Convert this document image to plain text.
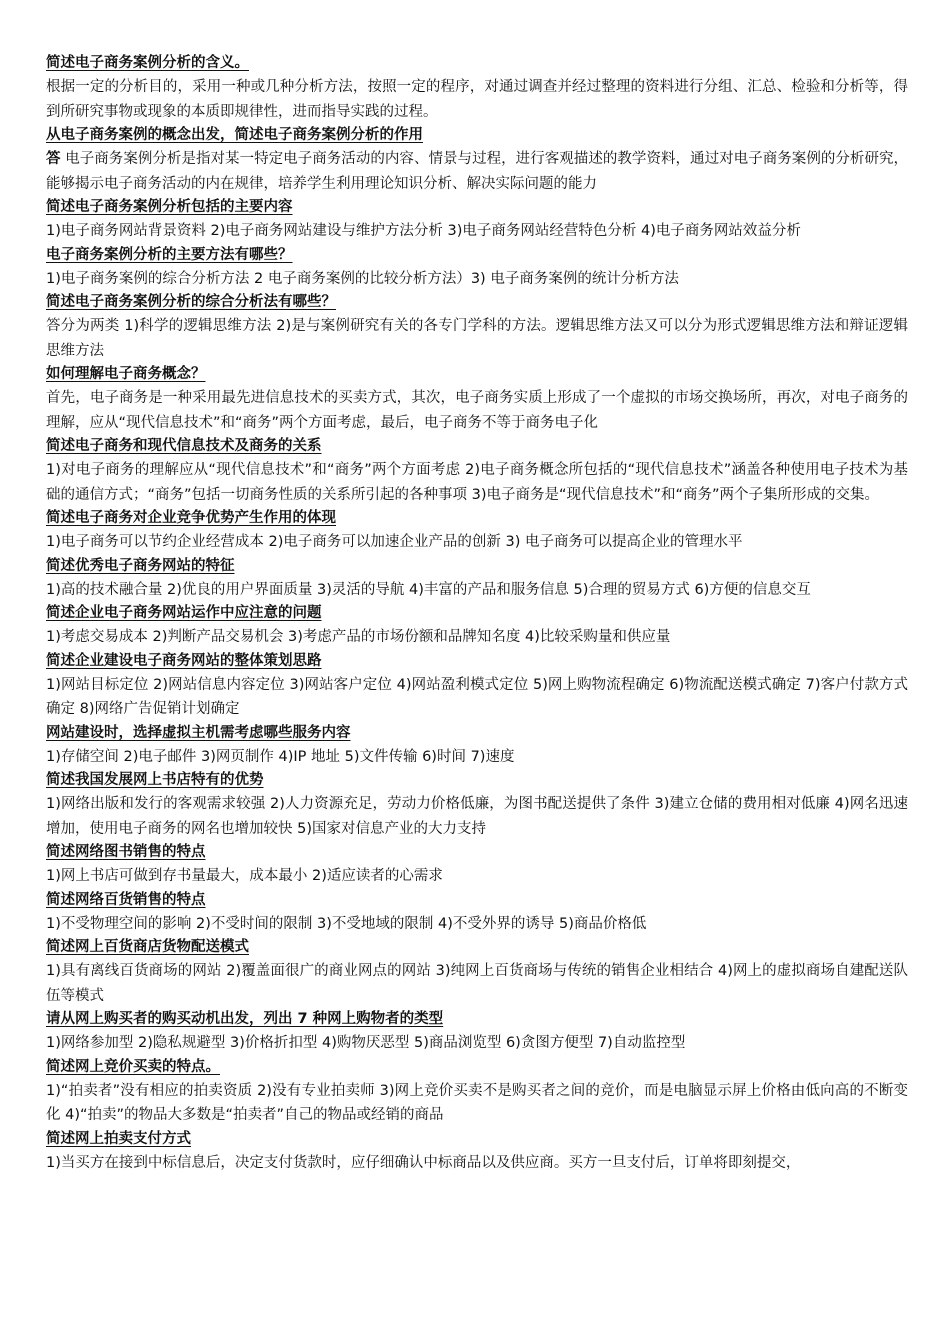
简述电子商务案例分析的含义。

根据一定的分析目的，采用一种或几种分析方法，按照一定的程序，对通过调查并经过整理的资料进行分组、汇总、检验和分析等，得到所研究事物或现象的本质即规律性，进而指导实践的过程。

从电子商务案例的概念出发，简述电子商务案例分析的作用

答 电子商务案例分析是指对某一特定电子商务活动的内容、情景与过程，进行客观描述的教学资料，通过对电子商务案例的分析研究，能够揭示电子商务活动的内在规律，培养学生利用理论知识分析、解决实际问题的能力

简述电子商务案例分析包括的主要内容

1)电子商务网站背景资料 2)电子商务网站建设与维护方法分析 3)电子商务网站经营特色分析 4)电子商务网站效益分析

电子商务案例分析的主要方法有哪些？

1)电子商务案例的综合分析方法 2 电子商务案例的比较分析方法）3) 电子商务案例的统计分析方法

简述电子商务案例分析的综合分析法有哪些？

答分为两类 1)科学的逻辑思维方法 2)是与案例研究有关的各专门学科的方法。逻辑思维方法又可以分为形式逻辑思维方法和辩证逻辑思维方法

如何理解电子商务概念？

首先，电子商务是一种采用最先进信息技术的买卖方式，其次，电子商务实质上形成了一个虚拟的市场交换场所，再次，对电子商务的理解，应从“现代信息技术”和“商务”两个方面考虑，最后，电子商务不等于商务电子化

简述电子商务和现代信息技术及商务的关系

1)对电子商务的理解应从“现代信息技术”和“商务”两个方面考虑 2)电子商务概念所包括的“现代信息技术”涵盖各种使用电子技术为基础的通信方式；“商务”包括一切商务性质的关系所引起的各种事项 3)电子商务是“现代信息技术”和“商务”两个子集所形成的交集。

简述电子商务对企业竞争优势产生作用的体现

1)电子商务可以节约企业经营成本 2)电子商务可以加速企业产品的创新 3) 电子商务可以提高企业的管理水平

简述优秀电子商务网站的特征

1)高的技术融合量 2)优良的用户界面质量 3)灵活的导航 4)丰富的产品和服务信息 5)合理的贸易方式 6)方便的信息交互

简述企业电子商务网站运作中应注意的问题

1)考虑交易成本 2)判断产品交易机会 3)考虑产品的市场份额和品牌知名度 4)比较采购量和供应量

简述企业建设电子商务网站的整体策划思路

1)网站目标定位 2)网站信息内容定位 3)网站客户定位 4)网站盈利模式定位 5)网上购物流程确定 6)物流配送模式确定 7)客户付款方式确定 8)网络广告促销计划确定

网站建设时，选择虚拟主机需考虑哪些服务内容

1)存储空间 2)电子邮件 3)网页制作 4)IP 地址 5)文件传输 6)时间 7)速度

简述我国发展网上书店特有的优势

1)网络出版和发行的客观需求较强 2)人力资源充足，劳动力价格低廉，为图书配送提供了条件 3)建立仓储的费用相对低廉 4)网名迅速增加，使用电子商务的网名也增加较快 5)国家对信息产业的大力支持

简述网络图书销售的特点

1)网上书店可做到存书量最大，成本最小 2)适应读者的心需求

简述网络百货销售的特点

1)不受物理空间的影响 2)不受时间的限制 3)不受地域的限制 4)不受外界的诱导 5)商品价格低

简述网上百货商店货物配送模式

1)具有离线百货商场的网站 2)覆盖面很广的商业网点的网站 3)纯网上百货商场与传统的销售企业相结合 4)网上的虚拟商场自建配送队伍等模式

请从网上购买者的购买动机出发，列出 7 种网上购物者的类型

1)网络参加型 2)隐私规避型 3)价格折扣型 4)购物厌恶型 5)商品浏览型 6)贪图方便型 7)自动监控型

简述网上竞价买卖的特点。

1)“拍卖者”没有相应的拍卖资质 2)没有专业拍卖师 3)网上竞价买卖不是购买者之间的竞价，而是电脑显示屏上价格由低向高的不断变化 4)“拍卖”的物品大多数是“拍卖者”自己的物品或经销的商品

简述网上拍卖支付方式

1)当买方在接到中标信息后，决定支付货款时，应仔细确认中标商品以及供应商。买方一旦支付后，订单将即刻提交，
